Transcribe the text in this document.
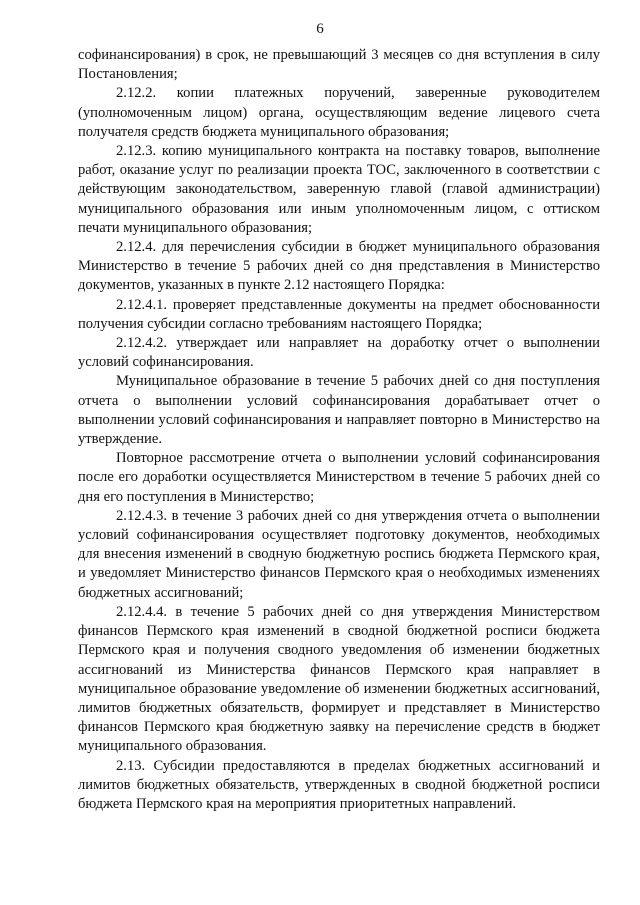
6

софинансирования) в срок, не превышающий 3 месяцев со дня вступления в силу Постановления;

2.12.2. копии платежных поручений, заверенные руководителем (уполномоченным лицом) органа, осуществляющим ведение лицевого счета получателя средств бюджета муниципального образования;

2.12.3. копию муниципального контракта на поставку товаров, выполнение работ, оказание услуг по реализации проекта ТОС, заключенного в соответствии с действующим законодательством, заверенную главой (главой администрации) муниципального образования или иным уполномоченным лицом, с оттиском печати муниципального образования;

2.12.4. для перечисления субсидии в бюджет муниципального образования Министерство в течение 5 рабочих дней со дня представления в Министерство документов, указанных в пункте 2.12 настоящего Порядка:

2.12.4.1. проверяет представленные документы на предмет обоснованности получения субсидии согласно требованиям настоящего Порядка;

2.12.4.2. утверждает или направляет на доработку отчет о выполнении условий софинансирования.

Муниципальное образование в течение 5 рабочих дней со дня поступления отчета о выполнении условий софинансирования дорабатывает отчет о выполнении условий софинансирования и направляет повторно в Министерство на утверждение.

Повторное рассмотрение отчета о выполнении условий софинансирования после его доработки осуществляется Министерством в течение 5 рабочих дней со дня его поступления в Министерство;

2.12.4.3. в течение 3 рабочих дней со дня утверждения отчета о выполнении условий софинансирования осуществляет подготовку документов, необходимых для внесения изменений в сводную бюджетную роспись бюджета Пермского края, и уведомляет Министерство финансов Пермского края о необходимых изменениях бюджетных ассигнований;

2.12.4.4. в течение 5 рабочих дней со дня утверждения Министерством финансов Пермского края изменений в сводной бюджетной росписи бюджета Пермского края и получения сводного уведомления об изменении бюджетных ассигнований из Министерства финансов Пермского края направляет в муниципальное образование уведомление об изменении бюджетных ассигнований, лимитов бюджетных обязательств, формирует и представляет в Министерство финансов Пермского края бюджетную заявку на перечисление средств в бюджет муниципального образования.

2.13. Субсидии предоставляются в пределах бюджетных ассигнований и лимитов бюджетных обязательств, утвержденных в сводной бюджетной росписи бюджета Пермского края на мероприятия приоритетных направлений.
